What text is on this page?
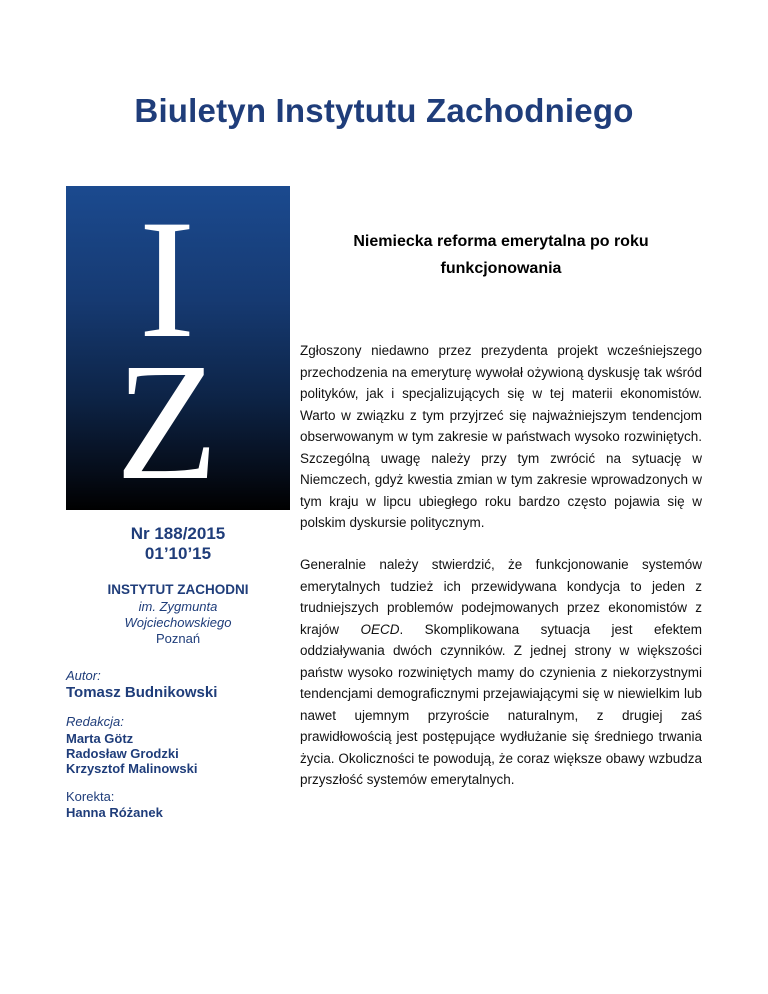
Biuletyn Instytutu Zachodniego
I
Z
Nr 188/2015
01’10’15
INSTYTUT ZACHODNI
im. Zygmunta
Wojciechowskiego
Poznań
Autor:
Tomasz Budnikowski
Redakcja:
Marta Götz
Radosław Grodzki
Krzysztof Malinowski
Korekta:
Hanna Różanek
Niemiecka reforma emerytalna po roku
funkcjonowania
Zgłoszony niedawno przez prezydenta projekt wcześniejszego przechodzenia na emeryturę wywołał ożywioną dyskusję tak wśród polityków, jak i specjalizujących się w tej materii ekonomistów. Warto w związku z tym przyjrzeć się najważniejszym tendencjom obserwowanym w tym zakresie w państwach wysoko rozwiniętych. Szczególną uwagę należy przy tym zwrócić na sytuację w Niemczech, gdyż kwestia zmian w tym zakresie wprowadzonych w tym kraju w lipcu ubiegłego roku bardzo często pojawia się w polskim dyskursie politycznym.
Generalnie należy stwierdzić, że funkcjonowanie systemów emerytalnych tudzież ich przewidywana kondycja to jeden z trudniejszych problemów podejmowanych przez ekonomistów z krajów OECD. Skomplikowana sytuacja jest efektem oddziaływania dwóch czynników. Z jednej strony w większości państw wysoko rozwiniętych mamy do czynienia z niekorzystnymi tendencjami demograficznymi przejawiającymi się w niewielkim lub nawet ujemnym przyroście naturalnym, z drugiej zaś prawidłowością jest postępujące wydłużanie się średniego trwania życia. Okoliczności te powodują, że coraz większe obawy wzbudza przyszłość systemów emerytalnych.
